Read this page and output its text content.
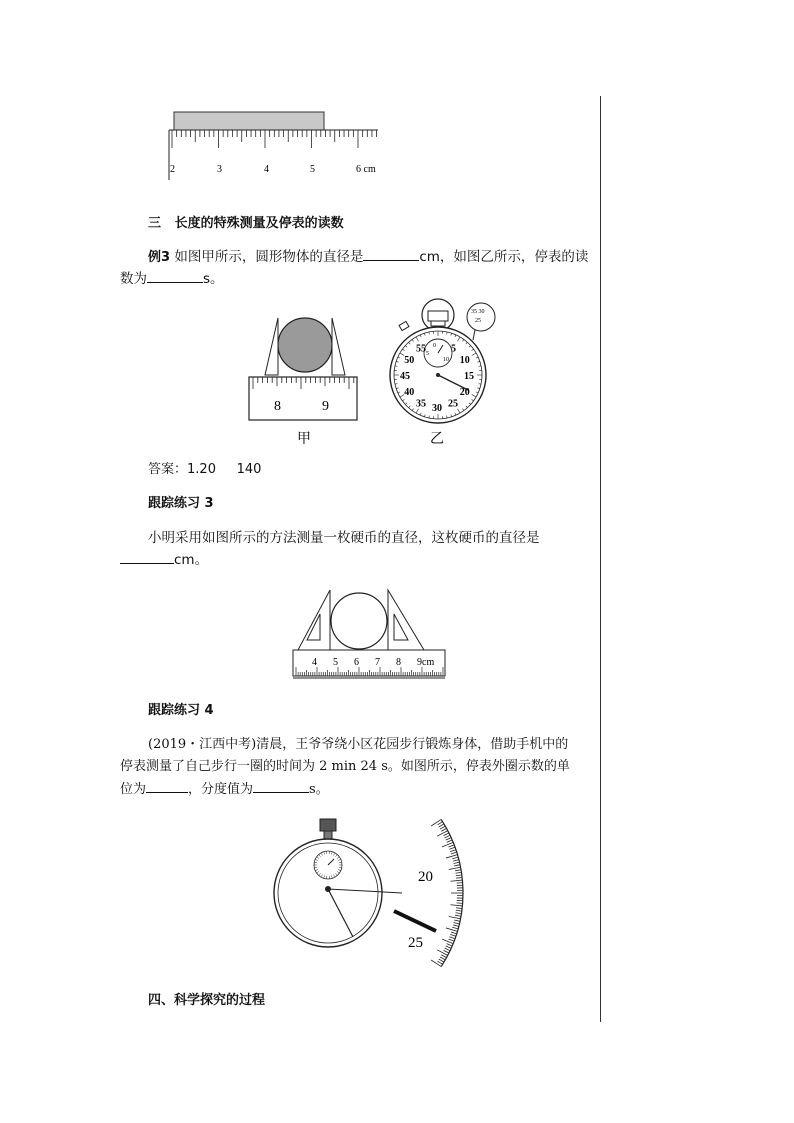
2	3	4	5	6 cm
三 长度的特殊测量及停表的读数
例3 如图甲所示，圆形物体的直径是	cm，如图乙所示，停表的读
数为	s。
8	9
甲
35 30
25
0
5
10
5
10
15
20
25
30
35
40
45
50
55
乙
答案：1.20 140
跟踪练习 3
小明采用如图所示的方法测量一枚硬币的直径，这枚硬币的直径是
cm。
4 5 6 7 8 9cm
跟踪练习 4
(2019・江西中考)清晨，王爷爷绕小区花园步行锻炼身体，借助手机中的
停表测量了自己步行一圈的时间为 2 min 24 s。如图所示，停表外圈示数的单
位为	，分度值为	s。
20
25
四、科学探究的过程
